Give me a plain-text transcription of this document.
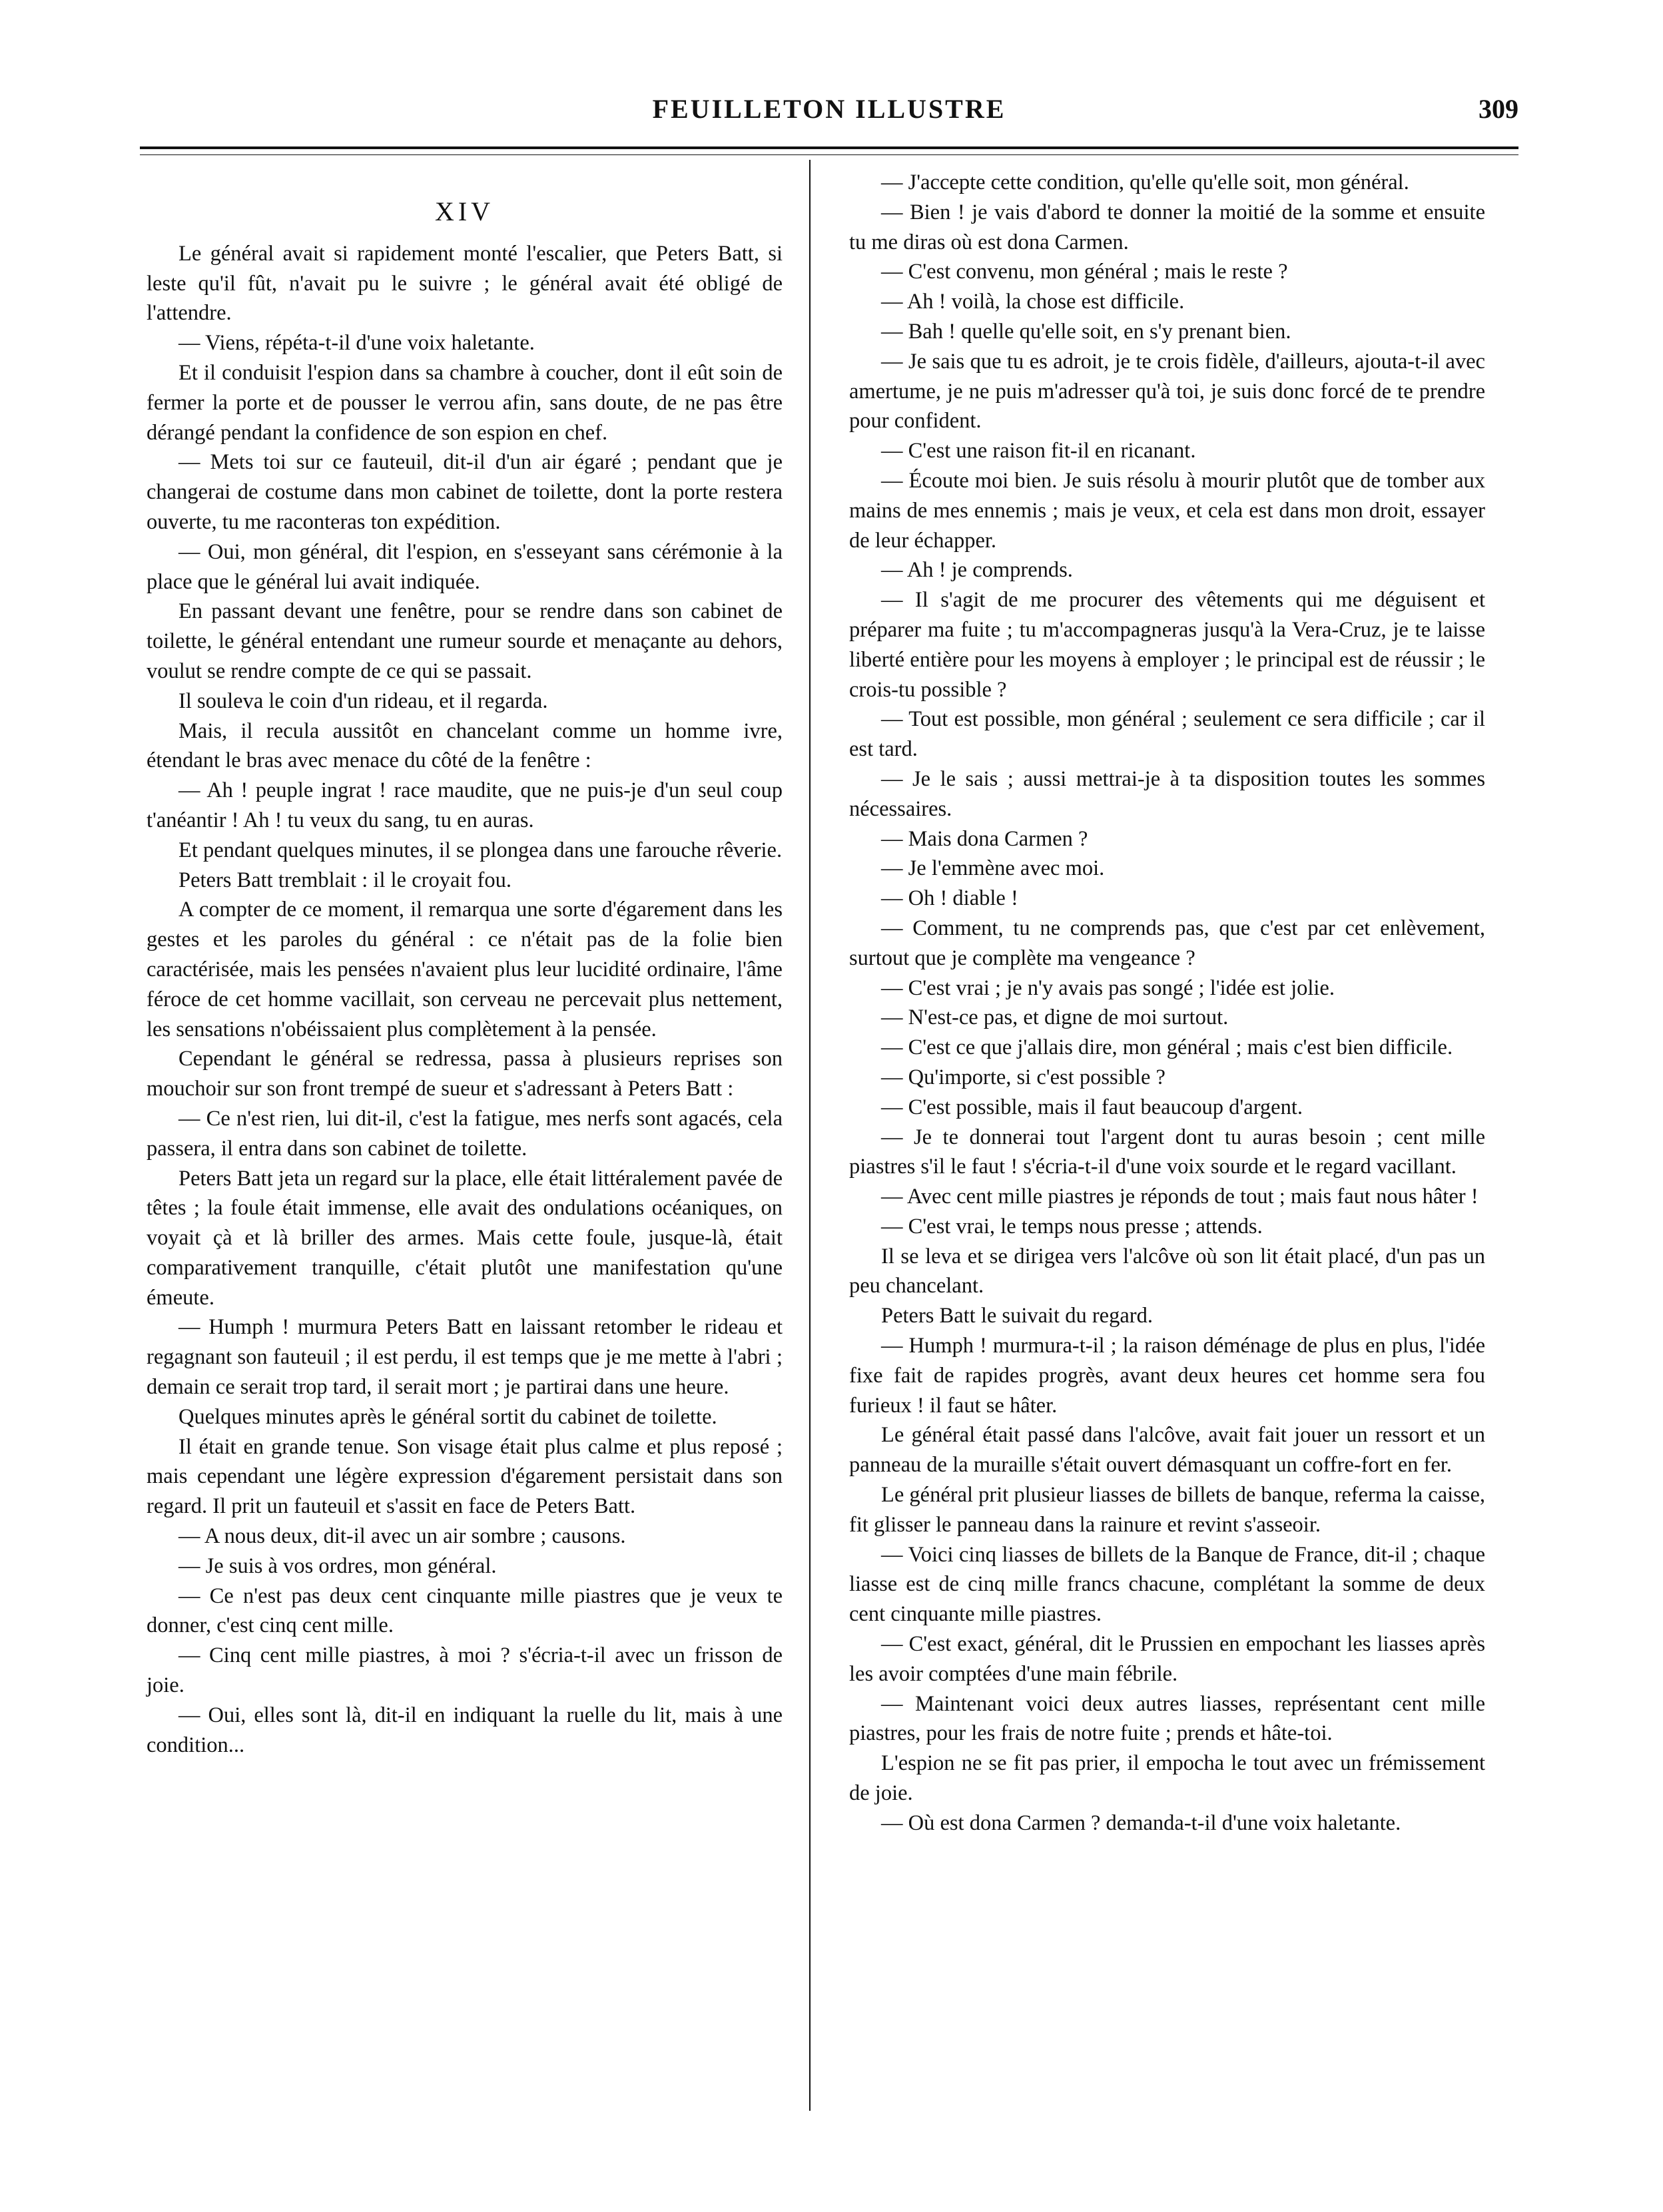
FEUILLETON ILLUSTRE	309
XIV

Le général avait si rapidement monté l'escalier, que Peters Batt, si leste qu'il fût, n'avait pu le suivre ; le général avait été obligé de l'attendre.

— Viens, répéta-t-il d'une voix haletante.

Et il conduisit l'espion dans sa chambre à coucher, dont il eût soin de fermer la porte et de pousser le verrou afin, sans doute, de ne pas être dérangé pendant la confidence de son espion en chef.

— Mets toi sur ce fauteuil, dit-il d'un air égaré ; pendant que je changerai de costume dans mon cabinet de toilette, dont la porte restera ouverte, tu me raconteras ton expédition.

— Oui, mon général, dit l'espion, en s'esseyant sans cérémonie à la place que le général lui avait indiquée.

En passant devant une fenêtre, pour se rendre dans son cabinet de toilette, le général entendant une rumeur sourde et menaçante au dehors, voulut se rendre compte de ce qui se passait.

Il souleva le coin d'un rideau, et il regarda.

Mais, il recula aussitôt en chancelant comme un homme ivre, étendant le bras avec menace du côté de la fenêtre :

— Ah ! peuple ingrat ! race maudite, que ne puis-je d'un seul coup t'anéantir ! Ah ! tu veux du sang, tu en auras.

Et pendant quelques minutes, il se plongea dans une farouche rêverie.

Peters Batt tremblait : il le croyait fou.

A compter de ce moment, il remarqua une sorte d'égarement dans les gestes et les paroles du général : ce n'était pas de la folie bien caractérisée, mais les pensées n'avaient plus leur lucidité ordinaire, l'âme féroce de cet homme vacillait, son cerveau ne percevait plus nettement, les sensations n'obéissaient plus complètement à la pensée.

Cependant le général se redressa, passa à plusieurs reprises son mouchoir sur son front trempé de sueur et s'adressant à Peters Batt :

— Ce n'est rien, lui dit-il, c'est la fatigue, mes nerfs sont agacés, cela passera, il entra dans son cabinet de toilette.

Peters Batt jeta un regard sur la place, elle était littéralement pavée de têtes ; la foule était immense, elle avait des ondulations océaniques, on voyait çà et là briller des armes. Mais cette foule, jusque-là, était comparativement tranquille, c'était plutôt une manifestation qu'une émeute.

— Humph ! murmura Peters Batt en laissant retomber le rideau et regagnant son fauteuil ; il est perdu, il est temps que je me mette à l'abri ; demain ce serait trop tard, il serait mort ; je partirai dans une heure.

Quelques minutes après le général sortit du cabinet de toilette.

Il était en grande tenue. Son visage était plus calme et plus reposé ; mais cependant une légère expression d'égarement persistait dans son regard. Il prit un fauteuil et s'assit en face de Peters Batt.

— A nous deux, dit-il avec un air sombre ; causons.

— Je suis à vos ordres, mon général.

— Ce n'est pas deux cent cinquante mille piastres que je veux te donner, c'est cinq cent mille.

— Cinq cent mille piastres, à moi ? s'écria-t-il avec un frisson de joie.

— Oui, elles sont là, dit-il en indiquant la ruelle du lit, mais à une condition...

— J'accepte cette condition, qu'elle qu'elle soit, mon général.

— Bien ! je vais d'abord te donner la moitié de la somme et ensuite tu me diras où est dona Carmen.

— C'est convenu, mon général ; mais le reste ?

— Ah ! voilà, la chose est difficile.

— Bah ! quelle qu'elle soit, en s'y prenant bien.

— Je sais que tu es adroit, je te crois fidèle, d'ailleurs, ajouta-t-il avec amertume, je ne puis m'adresser qu'à toi, je suis donc forcé de te prendre pour confident.

— C'est une raison fit-il en ricanant.

— Écoute moi bien. Je suis résolu à mourir plutôt que de tomber aux mains de mes ennemis ; mais je veux, et cela est dans mon droit, essayer de leur échapper.

— Ah ! je comprends.

— Il s'agit de me procurer des vêtements qui me déguisent et préparer ma fuite ; tu m'accompagneras jusqu'à la Vera-Cruz, je te laisse liberté entière pour les moyens à employer ; le principal est de réussir ; le crois-tu possible ?

— Tout est possible, mon général ; seulement ce sera difficile ; car il est tard.

— Je le sais ; aussi mettrai-je à ta disposition toutes les sommes nécessaires.

— Mais dona Carmen ?

— Je l'emmène avec moi.

— Oh ! diable !

— Comment, tu ne comprends pas, que c'est par cet enlèvement, surtout que je complète ma vengeance ?

— C'est vrai ; je n'y avais pas songé ; l'idée est jolie.

— N'est-ce pas, et digne de moi surtout.

— C'est ce que j'allais dire, mon général ; mais c'est bien difficile.

— Qu'importe, si c'est possible ?

— C'est possible, mais il faut beaucoup d'argent.

— Je te donnerai tout l'argent dont tu auras besoin ; cent mille piastres s'il le faut ! s'écria-t-il d'une voix sourde et le regard vacillant.

— Avec cent mille piastres je réponds de tout ; mais faut nous hâter !

— C'est vrai, le temps nous presse ; attends.

Il se leva et se dirigea vers l'alcôve où son lit était placé, d'un pas un peu chancelant.

Peters Batt le suivait du regard.

— Humph ! murmura-t-il ; la raison déménage de plus en plus, l'idée fixe fait de rapides progrès, avant deux heures cet homme sera fou furieux ! il faut se hâter.

Le général était passé dans l'alcôve, avait fait jouer un ressort et un panneau de la muraille s'était ouvert démasquant un coffre-fort en fer.

Le général prit plusieur liasses de billets de banque, referma la caisse, fit glisser le panneau dans la rainure et revint s'asseoir.

— Voici cinq liasses de billets de la Banque de France, dit-il ; chaque liasse est de cinq mille francs chacune, complétant la somme de deux cent cinquante mille piastres.

— C'est exact, général, dit le Prussien en empochant les liasses après les avoir comptées d'une main fébrile.

— Maintenant voici deux autres liasses, représentant cent mille piastres, pour les frais de notre fuite ; prends et hâte-toi.

L'espion ne se fit pas prier, il empocha le tout avec un frémissement de joie.

— Où est dona Carmen ? demanda-t-il d'une voix haletante.
